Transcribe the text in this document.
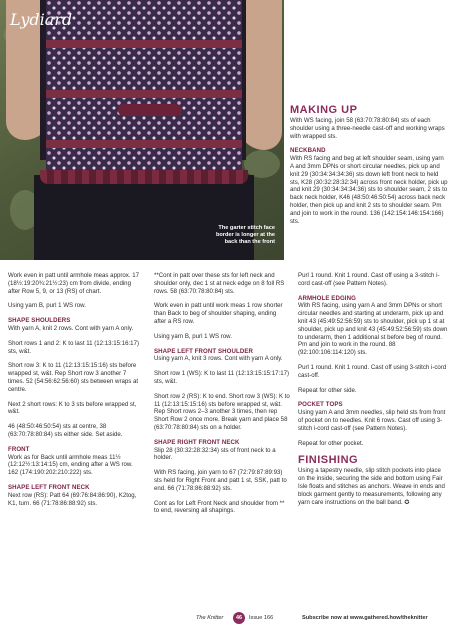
Lydiard
The garter stitch face border is longer at the back than the front

Work even in patt until armhole meas approx. 17 (18½:19:20¾:21½:23) cm from divide, ending after Row 5, 9, or 13 (RS) of chart.

Using yarn B, purl 1 WS row.

SHAPE SHOULDERS

With yarn A, knit 2 rows. Cont with yarn A only.

Short rows 1 and 2: K to last 11 (12:13:15:16:17) sts, w&t.

Short row 3: K to 11 (12:13:15:15:16) sts before wrapped st, w&t. Rep Short row 3 another 7 times. 52 (54:56:62:56:60) sts between wraps at centre.

Next 2 short rows: K to 3 sts before wrapped st, w&t.

46 (48:50:46:50:54) sts at centre, 38 (63:70:78:80:84) sts either side. Set aside.

FRONT

Work as for Back until armhole meas 11½ (12:12½:13:14:15) cm, ending after a WS row. 162 (174:190:202:210:222) sts.

SHAPE LEFT FRONT NECK

Next row (RS): Patt 64 (69:76:84:86:90), K2tog, K1, turn. 66 (71:78:86:88:92) sts.

**Cont in patt over these sts for left neck and shoulder only, dec 1 st at neck edge on 8 foll RS rows. 58 (63:70:78:80:84) sts.

Work even in patt until work meas 1 row shorter than Back to beg of shoulder shaping, ending after a RS row.

Using yarn B, purl 1 WS row.

SHAPE LEFT FRONT SHOULDER

Using yarn A, knit 3 rows. Cont with yarn A only.

Short row 1 (WS): K to last 11 (12:13:15:15:17:17) sts, w&t.

Short row 2 (RS): K to end. Short row 3 (WS): K to 11 (12:13:15:15:16) sts before wrapped st, w&t. Rep Short rows 2–3 another 3 times, then rep Short Row 2 once more. Break yarn and place 58 (63:70:78:80:84) sts on a holder.

SHAPE RIGHT FRONT NECK

Slip 28 (30:32:28:32:34) sts of front neck to a holder.

With RS facing, join yarn to 67 (72:79:87:89:93) sts held for Right Front and patt 1 st, SSK, patt to end. 66 (71:78:86:88:92) sts.

Cont as for Left Front Neck and shoulder from ** to end, reversing all shapings.

MAKING UP

With WS facing, join 58 (63:70:78:80:84) sts of each shoulder using a three-needle cast-off and working wraps with wrapped sts.

NECKBAND

With RS facing and beg at left shoulder seam, using yarn A and 3mm DPNs or short circular needles, pick up and knit 29 (30:34:34:34:36) sts down left front neck to held sts, K28 (30:32:28:32:34) across front neck holder, pick up and knit 29 (30:34:34:34:36) sts to shoulder seam, 2 sts to back neck holder, K46 (48:50:46:50:54) across back neck holder, then pick up and knit 2 sts to shoulder seam. Pm and join to work in the round. 136 (142:154:146:154:166) sts.

Purl 1 round. Knit 1 round. Cast off using a 3-stitch i-cord cast-off (see Pattern Notes).

ARMHOLE EDGING

With RS facing, using yarn A and 3mm DPNs or short circular needles and starting at underarm, pick up and knit 43 (45:49:52:56:59) sts to shoulder, pick up 1 st at shoulder, pick up and knit 43 (45:49:52:56:59) sts down to underarm, then 1 additional st before beg of round. Pm and join to work in the round. 88 (92:100:106:114:120) sts.

Purl 1 round. Knit 1 round. Cast off using 3-stitch i-cord cast-off.

Repeat for other side.

POCKET TOPS

Using yarn A and 3mm needles, slip held sts from front of pocket on to needles. Knit 6 rows. Cast off using 3-stitch i-cord cast-off (see Pattern Notes).

Repeat for other pocket.

FINISHING

Using a tapestry needle, slip stitch pockets into place on the inside, securing the side and bottom using Fair Isle floats and stitches as anchors. Weave in ends and block garment gently to measurements, following any yarn care instructions on the ball band. ✪

The Knitter	46	Issue 166	Subscribe now at www.gathered.how/theknitter
